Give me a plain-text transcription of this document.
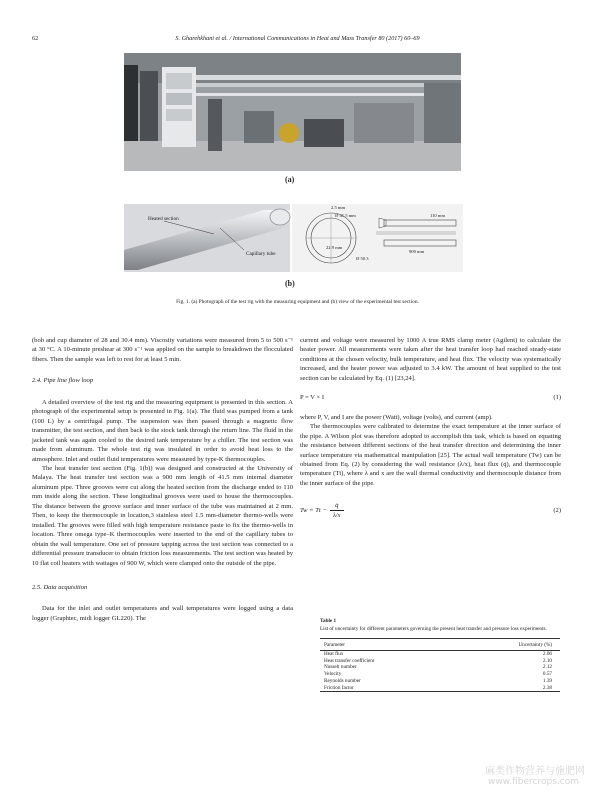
62	S. Gharehkhani et al. / International Communications in Heat and Mass Transfer 80 (2017) 60–69
(a)
Heated section
Capillary tube
2.5 mm
Ø 41.5 mm	110 mm
22.9 mm
900 mm
Ø 50.3
(b)
Fig. 1. (a) Photograph of the test rig with the measuring equipment and (b) view of the experimental test section.

(bob and cup diameter of 28 and 30.4 mm). Viscosity variations were measured from 5 to 500 s⁻¹ at 30 °C. A 10-minute preshear at 300 s⁻¹ was applied on the sample to breakdown the flocculated fibers. Then the sample was left to rest for at least 5 min.

2.4. Pipe line flow loop

A detailed overview of the test rig and the measuring equipment is presented in this section. A photograph of the experimental setup is presented in Fig. 1(a). The fluid was pumped from a tank (100 L) by a centrifugal pump. The suspension was then passed through a magnetic flow transmitter, the test section, and then back to the stock tank through the return line. The fluid in the jacketed tank was again cooled to the desired tank temperature by a chiller. The test section was made from aluminum. The whole test rig was insulated in order to avoid heat loss to the atmosphere. Inlet and outlet fluid temperatures were measured by type-K thermocouples.

The heat transfer test section (Fig. 1(b)) was designed and constructed at the University of Malaya. The heat transfer test section was a 900 mm length of 41.5 mm internal diameter aluminum pipe. Three grooves were cut along the heated section from the discharge ended to 110 mm inside along the section. These longitudinal grooves were used to house the thermocouples. The distance between the groove surface and inner surface of the tube was maintained at 2 mm. Then, to keep the thermocouple in location,3 stainless steel 1.5 mm-diameter thermo-wells were installed. The grooves were filled with high temperature resistance paste to fix the thermo-wells in location. Three omega type–K thermocouples were inserted to the end of the capillary tubes to obtain the wall temperature. One set of pressure tapping across the test section was connected to a differential pressure transducer to obtain friction loss measurements. The test section was heated by 10 flat coil heaters with wattages of 900 W, which were clamped onto the outside of the pipe.

2.5. Data acquisition

Data for the inlet and outlet temperatures and wall temperatures were logged using a data logger (Graphtec, midi logger GL220). The

current and voltage were measured by 1000 A true RMS clamp meter (Agilent) to calculate the heater power. All measurements were taken after the heat transfer loop had reached steady-state conditions at the chosen velocity, bulk temperature, and heat flux. The velocity was systematically increased, and the heater power was adjusted to 3.4 kW. The amount of heat supplied to the test section can be calculated by Eq. (1) [23,24].

P = V × I	(1)

where P, V, and I are the power (Watt), voltage (volts), and current (amp).

The thermocouples were calibrated to determine the exact temperature at the inner surface of the pipe. A Wilson plot was therefore adopted to accomplish this task, which is based on equating the resistance between different sections of the heat transfer direction and determining the inner surface temperature via mathematical manipulation [25]. The actual wall temperature (Tw) can be obtained from Eq. (2) by considering the wall resistance (λ/x), heat flux (q̇), and thermocouple temperature (Tt), where λ and x are the wall thermal conductivity and thermocouple distance from the inner surface of the pipe.

Tw = Tt −
q̇
λ/x
(2)
Table 1
List of uncertainty for different parameters governing the present heat transfer and pressure loss experiments.
Parameter	Uncertainty (%)
Heat flux	2.06
Heat transfer coefficient	2.10
Nusselt number	2.12
Velocity	0.57
Reynolds number	1.39
Friction factor	2.38
麻类作物营养与施肥网
www.fibercrops.com
